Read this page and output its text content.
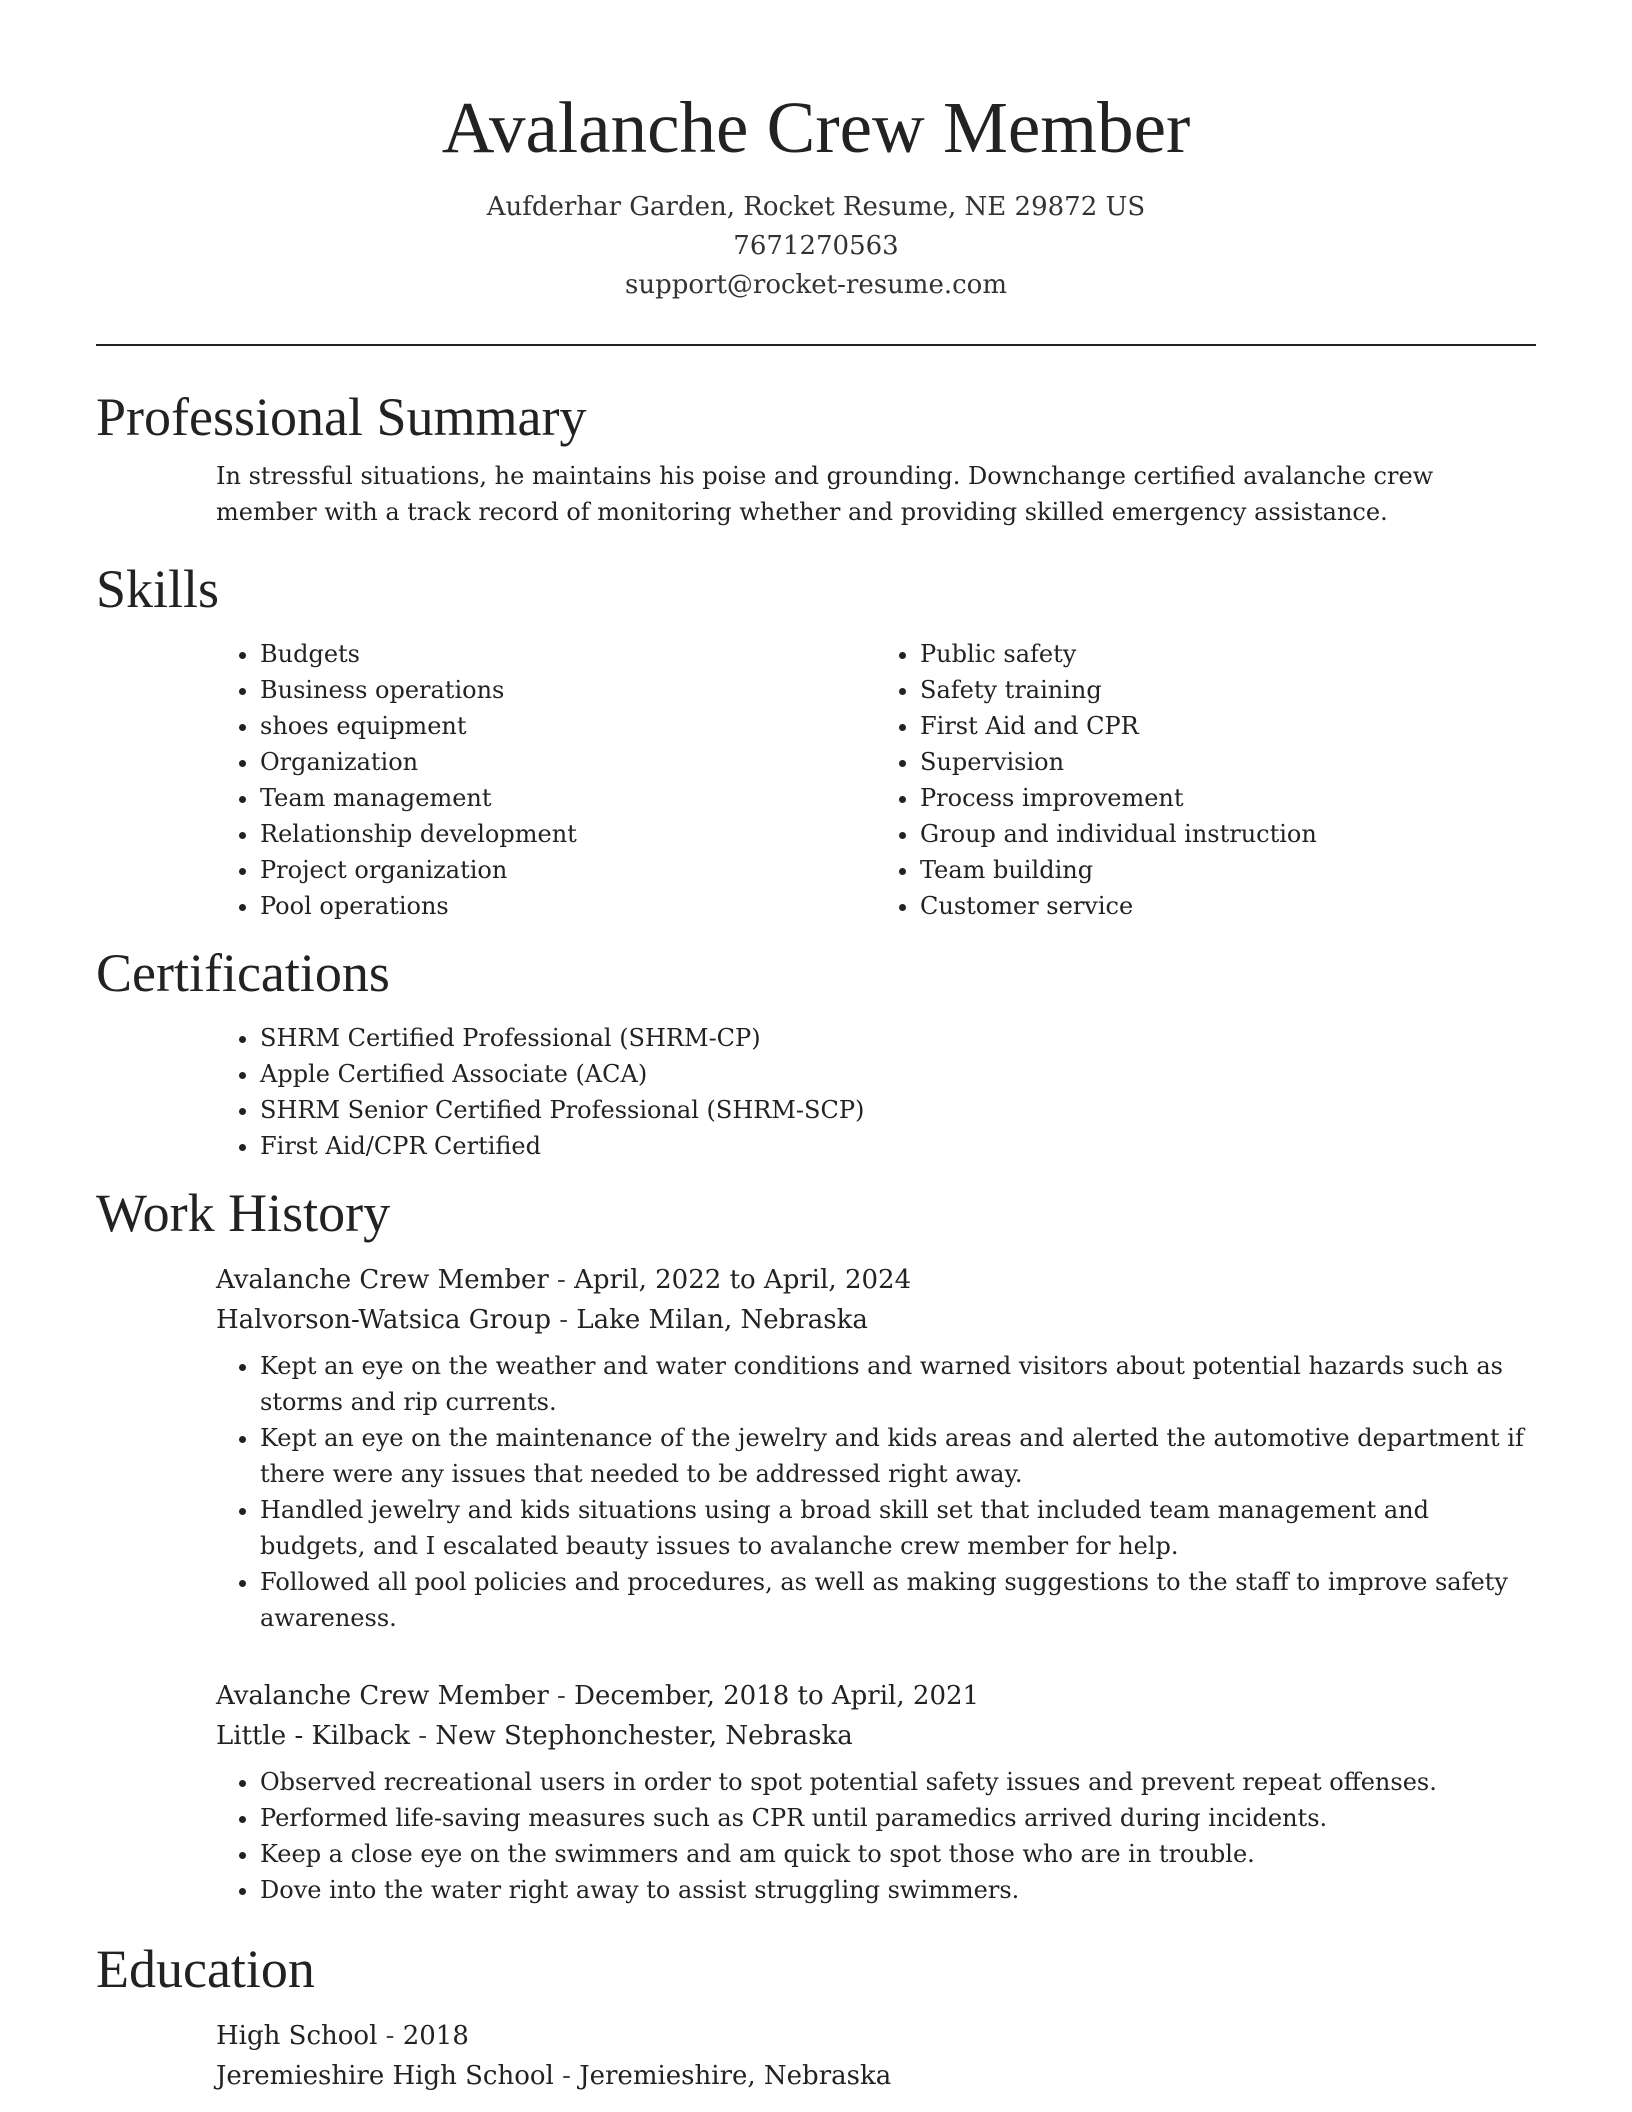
Avalanche Crew Member
Aufderhar Garden, Rocket Resume, NE 29872 US
7671270563
support@rocket-resume.com
Professional Summary

In stressful situations, he maintains his poise and grounding. Downchange certified avalanche crew member with a track record of monitoring whether and providing skilled emergency assistance.

Skills
• Budgets
• Business operations
• shoes equipment
• Organization
• Team management
• Relationship development
• Project organization
• Pool operations
• Public safety
• Safety training
• First Aid and CPR
• Supervision
• Process improvement
• Group and individual instruction
• Team building
• Customer service
Certifications
• SHRM Certified Professional (SHRM-CP)
• Apple Certified Associate (ACA)
• SHRM Senior Certified Professional (SHRM-SCP)
• First Aid/CPR Certified
Work History
Avalanche Crew Member - April, 2022 to April, 2024
Halvorson-Watsica Group - Lake Milan, Nebraska
• Kept an eye on the weather and water conditions and warned visitors about potential hazards such as storms and rip currents.
• Kept an eye on the maintenance of the jewelry and kids areas and alerted the automotive department if there were any issues that needed to be addressed right away.
• Handled jewelry and kids situations using a broad skill set that included team management and budgets, and I escalated beauty issues to avalanche crew member for help.
• Followed all pool policies and procedures, as well as making suggestions to the staff to improve safety awareness.
Avalanche Crew Member - December, 2018 to April, 2021
Little - Kilback - New Stephonchester, Nebraska
• Observed recreational users in order to spot potential safety issues and prevent repeat offenses.
• Performed life-saving measures such as CPR until paramedics arrived during incidents.
• Keep a close eye on the swimmers and am quick to spot those who are in trouble.
• Dove into the water right away to assist struggling swimmers.
Education
High School - 2018
Jeremieshire High School - Jeremieshire, Nebraska
